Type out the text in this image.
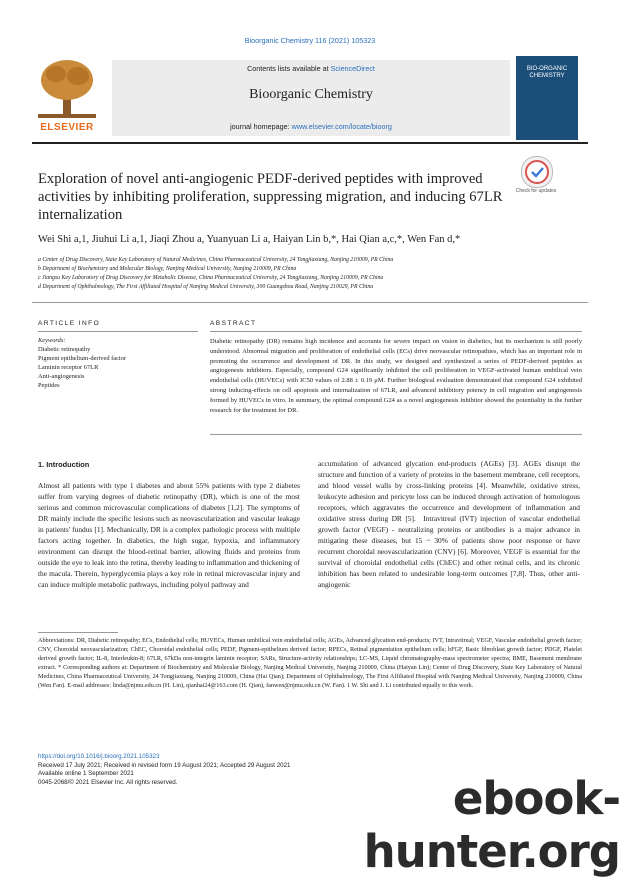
Bioorganic Chemistry 116 (2021) 105323
ELSEVIER
Contents lists available at ScienceDirect
Bioorganic Chemistry
journal homepage: www.elsevier.com/locate/bioorg
BIO-ORGANIC CHEMISTRY
Exploration of novel anti-angiogenic PEDF-derived peptides with improved activities by inhibiting proliferation, suppressing migration, and inducing 67LR internalization
Check for updates
Wei Shi a,1, Jiuhui Li a,1, Jiaqi Zhou a, Yuanyuan Li a, Haiyan Lin b,*, Hai Qian a,c,*, Wen Fan d,*
a Center of Drug Discovery, State Key Laboratory of Natural Medicines, China Pharmaceutical University, 24 Tongjiaxiang, Nanjing 210009, PR China
b Department of Biochemistry and Molecular Biology, Nanjing Medical University, Nanjing 210009, PR China
c Jiangsu Key Laboratory of Drug Discovery for Metabolic Disease, China Pharmaceutical University, 24 Tongjiaxiang, Nanjing 210009, PR China
d Department of Ophthalmology, The First Affiliated Hospital of Nanjing Medical University, 300 Guangzhou Road, Nanjing 210029, PR China
ARTICLE INFO	ABSTRACT
Keywords:
Diabetic retinopathy
Pigment epithelium-derived factor
Laminin receptor 67LR
Anti-angiogenesis
Peptides
Diabetic retinopathy (DR) remains high incidence and accounts for severe impact on vision in diabetics, but its mechanism is still poorly understood. Abnormal migration and proliferation of endothelial cells (ECs) drive neovascular retinopathies, which has an important role in promoting the occurrence and development of DR. In this study, we designed and synthesized a series of PEDF-derived peptides as angiogenesis inhibitors. Especially, compound G24 significantly inhibited the cell proliferation in VEGF-activated human umbilical vein endothelial cells (HUVECs) with IC50 values of 2.88 ± 0.19 μM. Further biological evaluation demonstrated that compound G24 exhibited strong inducing-effects on cell apoptosis and internalization of 67LR, and advanced inhibitory potency in cell migration and angiogenesis formed by HUVECs in vitro. In summary, the optimal compound G24 as a novel angiogenesis inhibitor showed the potentiality in the further research for the treatment for DR.
1. Introduction
Almost all patients with type 1 diabetes and about 55% patients with type 2 diabetes suffer from varying degrees of diabetic retinopathy (DR), which is one of the most serious and common microvascular complications of diabetes [1,2]. The symptoms of DR mainly include the specific lesions such as neovascularization and vascular leakage in patients' fundus [1]. Mechanically, DR is a complex pathologic process with multiple factors acting together. In diabetics, the high sugar, hypoxia, and inflammatory environment can disrupt the blood-retinal barrier, allowing fluids and proteins from outside the eye to leak into the retina, thereby leading to inflammation and thickening of the macula. Therein, hyperglycemia plays a key role in retinal microvascular injury and can induce multiple metabolic pathways, including polyol pathway and
accumulation of advanced glycation end-products (AGEs) [3]. AGEs disrupt the structure and function of a variety of proteins in the basement membrane, cell receptors, and blood vessel walls by cross-linking proteins [4]. Meanwhile, oxidative stress, leukocyte adhesion and pericyte loss can be induced through activation of homologous receptors, which aggravates the occurrence and development of inflammation and oxidative stress during DR [5]. Intravitreal (IVT) injection of vascular endothelial growth factor (VEGF) - neutralizing proteins or antibodies is a major advance in mitigating these diseases, but 15 ~ 30% of patients show poor response or have recurrent choroidal neovascularization (CNV) [6]. Moreover, VEGF is essential for the survival of choroidal endothelial cells (ChEC) and other retinal cells, and its chronic inhibition has been related to undesirable long-term outcomes [7,8]. Thus, other anti-angiogenic
Abbreviations: DR, Diabetic retinopathy; ECs, Endothelial cells; HUVECs, Human umbilical vein endothelial cells; AGEs, Advanced glycation end-products; IVT, Intravitreal; VEGF, Vascular endothelial growth factor; CNV, Choroidal neovascularization; ChEC, Choroidal endothelial cells; PEDF, Pigment-epithelium derived factor; RPECs, Retinal pigmentation epithelium cells; bFGF, Basic fibroblast growth factor; PDGF, Platelet derived growth factor; IL-8, Interleukin-8; 67LR, 67kDa non-integrin laminin receptor; SARs, Structure-activity relationships; LC-MS, Liquid chromatography-mass spectrometer spectra; BME, Basement membrane extract. * Corresponding authors at: Department of Biochemistry and Molecular Biology, Nanjing Medical University, Nanjing 210009, China (Haiyan Lin); Center of Drug Discovery, State Key Laboratory of Natural Medicines, China Pharmaceutical University, 24 Tongjiaxiang, Nanjing 210009, China (Hai Qian); Department of Ophthalmology, The First Affiliated Hospital with Nanjing Medical University, Nanjing 210009, China (Wen Fan). E-mail addresses: linda@njmu.edu.cn (H. Lin), qianhai24@163.com (H. Qian), fanwen@njmu.edu.cn (W. Fan). 1 W. Shi and J. Li contributed equally to this work.
https://doi.org/10.1016/j.bioorg.2021.105323
Received 17 July 2021; Received in revised form 19 August 2021; Accepted 29 August 2021
Available online 1 September 2021
0045-2068/© 2021 Elsevier Inc. All rights reserved.	ebook-hunter.org
